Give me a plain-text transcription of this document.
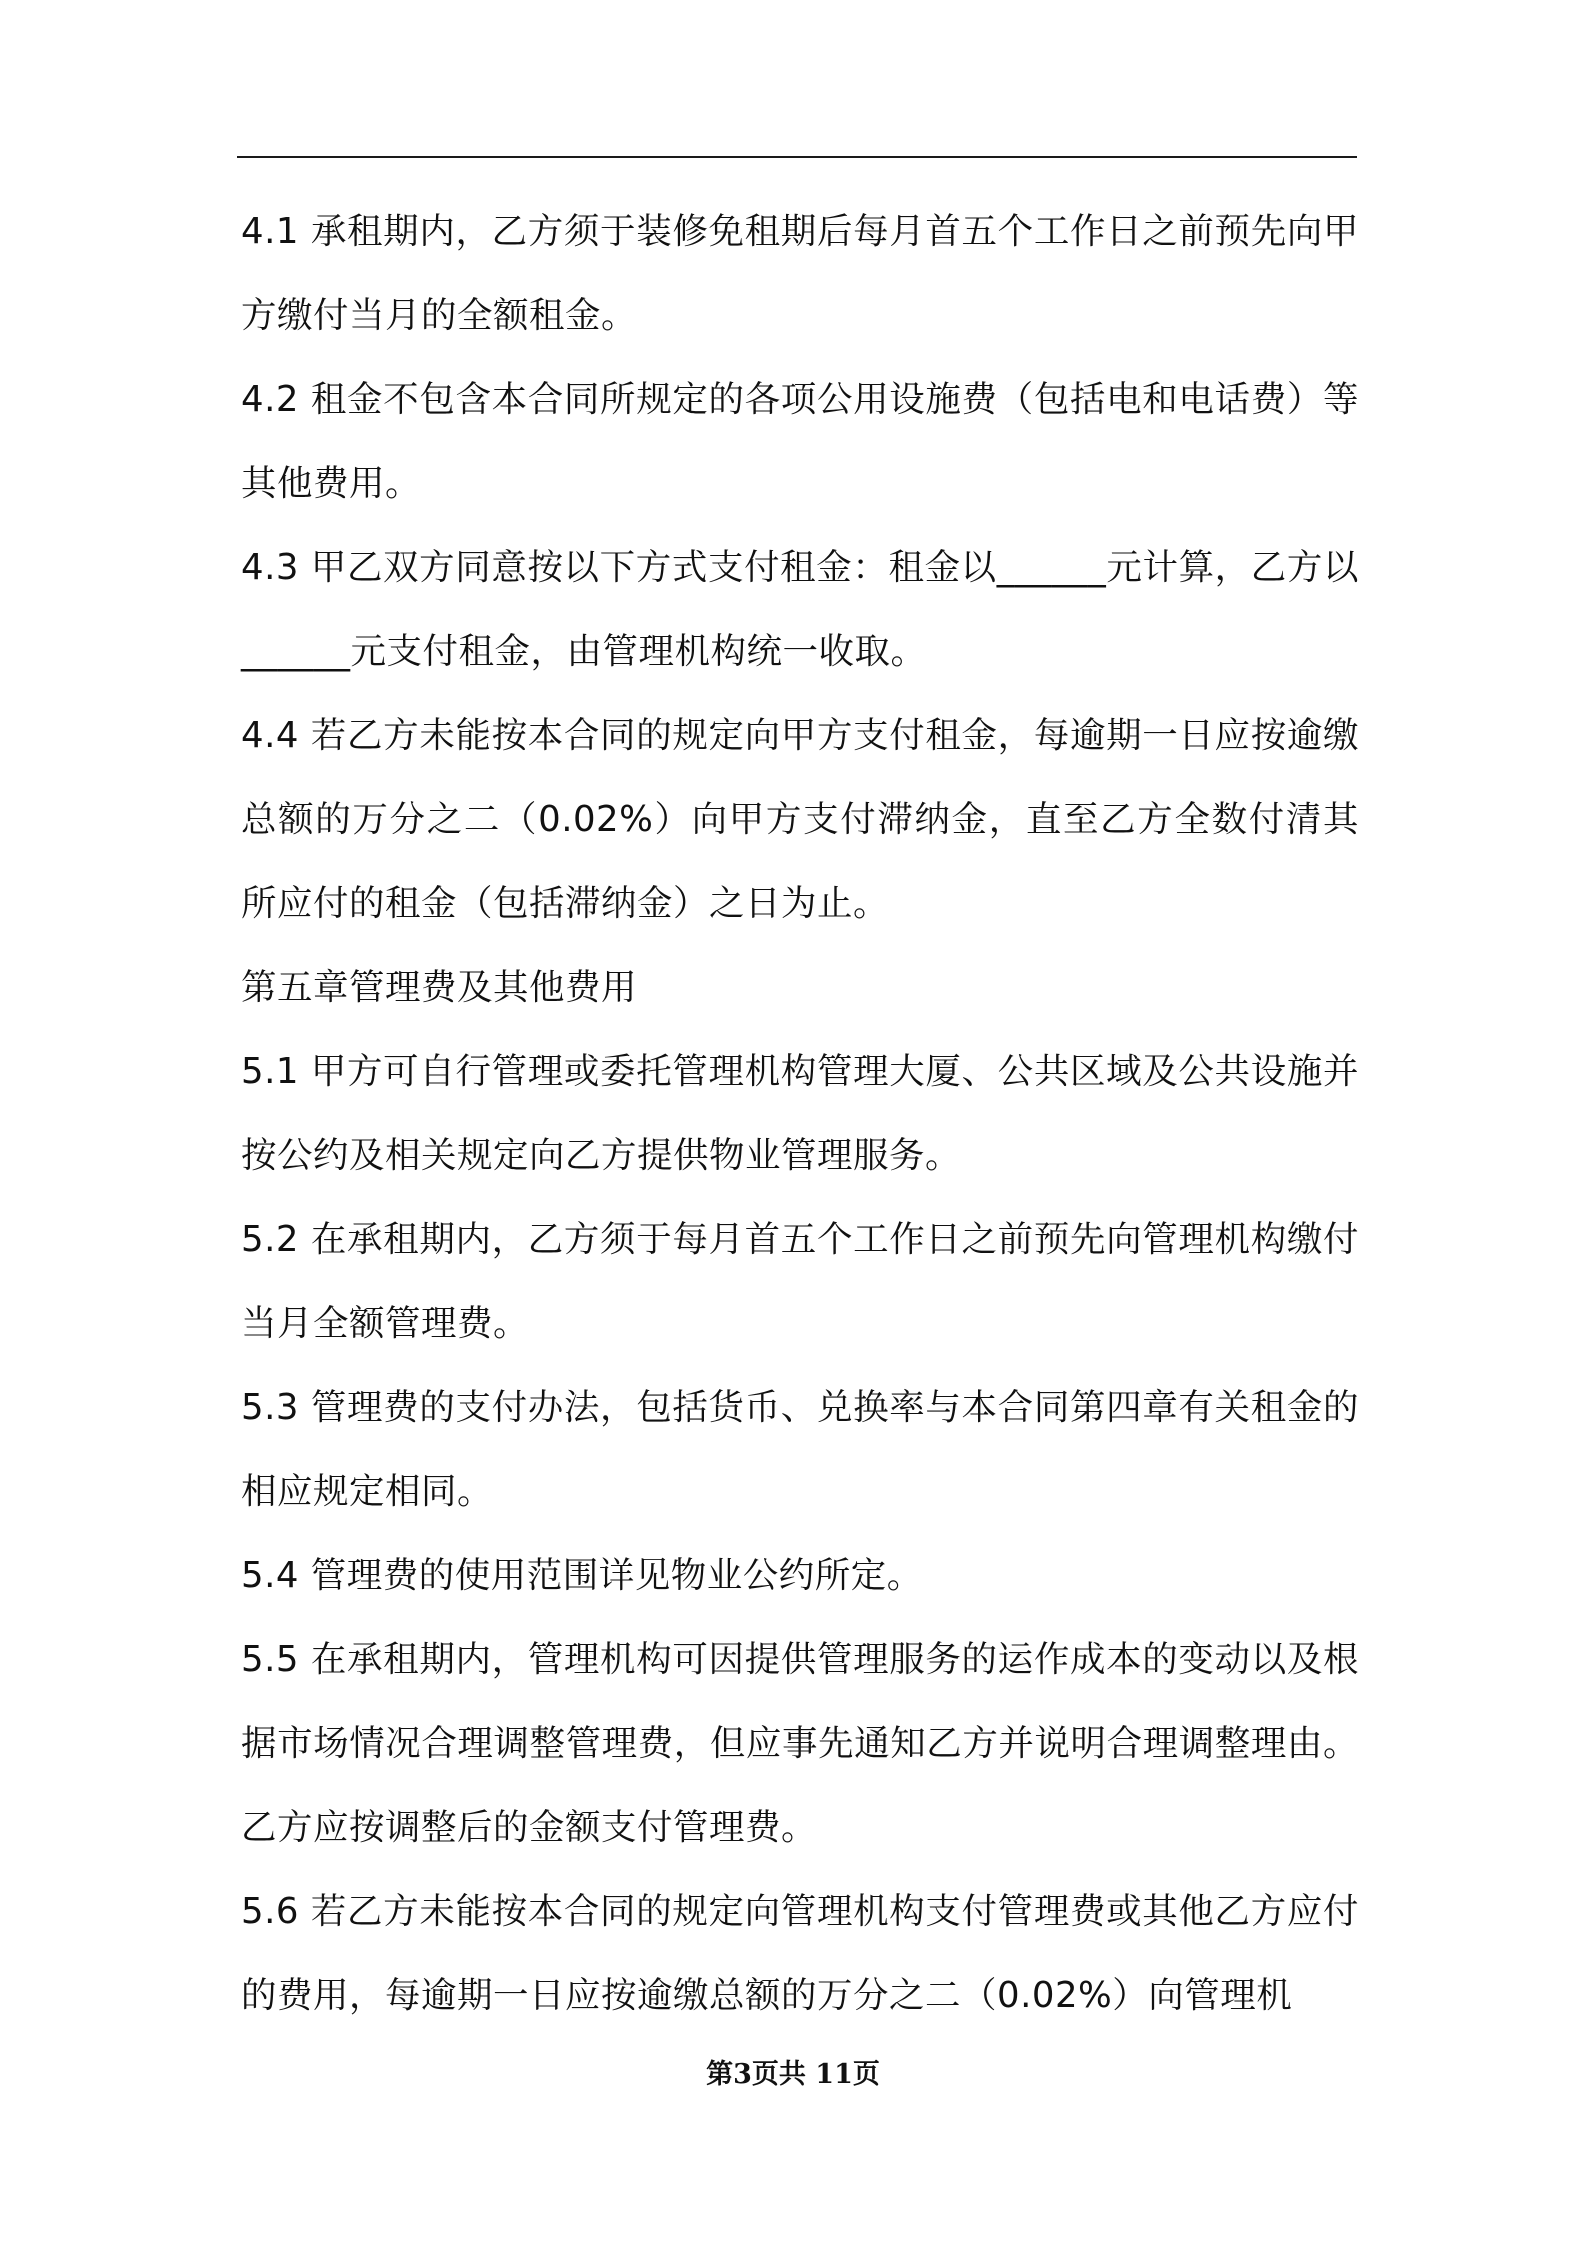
4.1 承租期内，乙方须于装修免租期后每月首五个工作日之前预先向甲方缴付当月的全额租金。

4.2 租金不包含本合同所规定的各项公用设施费（包括电和电话费）等其他费用。

4.3 甲乙双方同意按以下方式支付租金：租金以______元计算，乙方以______元支付租金，由管理机构统一收取。

4.4 若乙方未能按本合同的规定向甲方支付租金，每逾期一日应按逾缴总额的万分之二（0.02%）向甲方支付滞纳金，直至乙方全数付清其所应付的租金（包括滞纳金）之日为止。

第五章管理费及其他费用

5.1 甲方可自行管理或委托管理机构管理大厦、公共区域及公共设施并按公约及相关规定向乙方提供物业管理服务。

5.2 在承租期内，乙方须于每月首五个工作日之前预先向管理机构缴付当月全额管理费。

5.3 管理费的支付办法，包括货币、兑换率与本合同第四章有关租金的相应规定相同。

5.4 管理费的使用范围详见物业公约所定。

5.5 在承租期内，管理机构可因提供管理服务的运作成本的变动以及根据市场情况合理调整管理费，但应事先通知乙方并说明合理调整理由。乙方应按调整后的金额支付管理费。

5.6 若乙方未能按本合同的规定向管理机构支付管理费或其他乙方应付的费用，每逾期一日应按逾缴总额的万分之二（0.02%）向管理机

第3页共 11页
